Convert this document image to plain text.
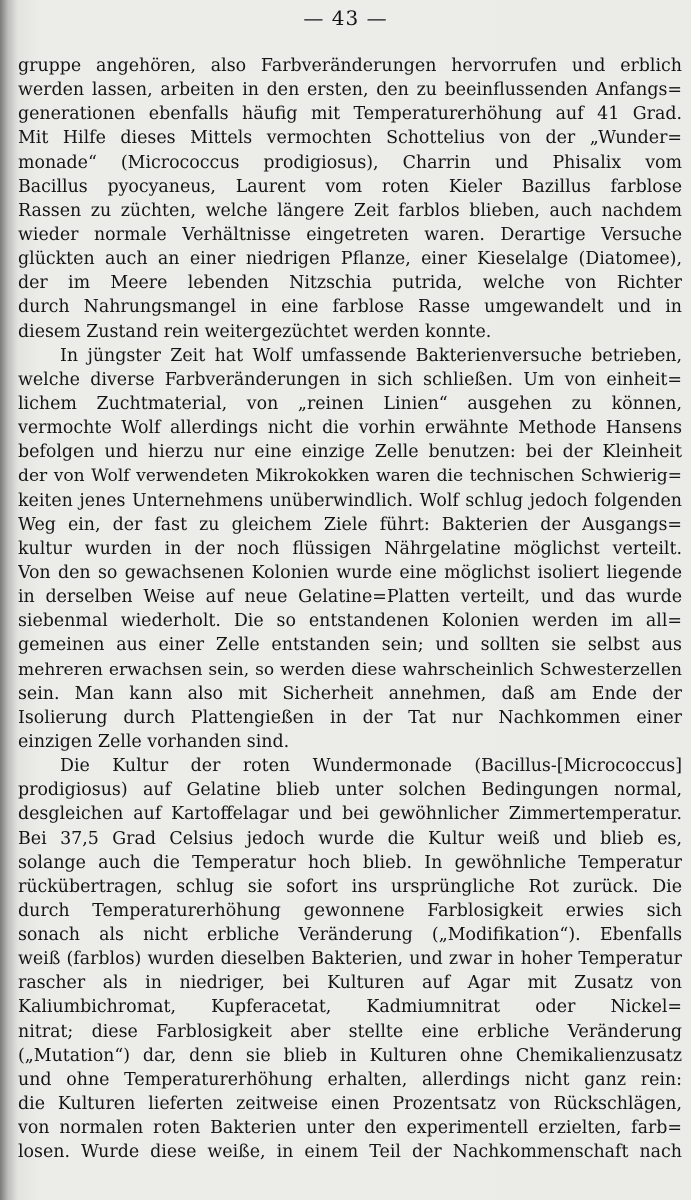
— 43 —
gruppe angehören, also Farbveränderungen hervorrufen und erblich
werden lassen, arbeiten in den ersten, den zu beeinflussenden Anfangs=
generationen ebenfalls häufig mit Temperaturerhöhung auf 41 Grad.
Mit Hilfe dieses Mittels vermochten Schottelius von der „Wunder=
monade“ (Micrococcus prodigiosus), Charrin und Phisalix vom
Bacillus pyocyaneus, Laurent vom roten Kieler Bazillus farblose
Rassen zu züchten, welche längere Zeit farblos blieben, auch nachdem
wieder normale Verhältnisse eingetreten waren. Derartige Versuche
glückten auch an einer niedrigen Pflanze, einer Kieselalge (Diatomee),
der im Meere lebenden Nitzschia putrida, welche von Richter
durch Nahrungsmangel in eine farblose Rasse umgewandelt und in
diesem Zustand rein weitergezüchtet werden konnte.
In jüngster Zeit hat Wolf umfassende Bakterienversuche betrieben,
welche diverse Farbveränderungen in sich schließen. Um von einheit=
lichem Zuchtmaterial, von „reinen Linien“ ausgehen zu können,
vermochte Wolf allerdings nicht die vorhin erwähnte Methode Hansens
befolgen und hierzu nur eine einzige Zelle benutzen: bei der Kleinheit
der von Wolf verwendeten Mikrokokken waren die technischen Schwierig=
keiten jenes Unternehmens unüberwindlich. Wolf schlug jedoch folgenden
Weg ein, der fast zu gleichem Ziele führt: Bakterien der Ausgangs=
kultur wurden in der noch flüssigen Nährgelatine möglichst verteilt.
Von den so gewachsenen Kolonien wurde eine möglichst isoliert liegende
in derselben Weise auf neue Gelatine=Platten verteilt, und das wurde
siebenmal wiederholt. Die so entstandenen Kolonien werden im all=
gemeinen aus einer Zelle entstanden sein; und sollten sie selbst aus
mehreren erwachsen sein, so werden diese wahrscheinlich Schwesterzellen
sein. Man kann also mit Sicherheit annehmen, daß am Ende der
Isolierung durch Plattengießen in der Tat nur Nachkommen einer
einzigen Zelle vorhanden sind.
Die Kultur der roten Wundermonade (Bacillus-[Micrococcus]
prodigiosus) auf Gelatine blieb unter solchen Bedingungen normal,
desgleichen auf Kartoffelagar und bei gewöhnlicher Zimmertemperatur.
Bei 37,5 Grad Celsius jedoch wurde die Kultur weiß und blieb es,
solange auch die Temperatur hoch blieb. In gewöhnliche Temperatur
rückübertragen, schlug sie sofort ins ursprüngliche Rot zurück. Die
durch Temperaturerhöhung gewonnene Farblosigkeit erwies sich
sonach als nicht erbliche Veränderung („Modifikation“). Ebenfalls
weiß (farblos) wurden dieselben Bakterien, und zwar in hoher Temperatur
rascher als in niedriger, bei Kulturen auf Agar mit Zusatz von
Kaliumbichromat, Kupferacetat, Kadmiumnitrat oder Nickel=
nitrat; diese Farblosigkeit aber stellte eine erbliche Veränderung
(„Mutation“) dar, denn sie blieb in Kulturen ohne Chemikalienzusatz
und ohne Temperaturerhöhung erhalten, allerdings nicht ganz rein:
die Kulturen lieferten zeitweise einen Prozentsatz von Rückschlägen,
von normalen roten Bakterien unter den experimentell erzielten, farb=
losen. Wurde diese weiße, in einem Teil der Nachkommenschaft nach
